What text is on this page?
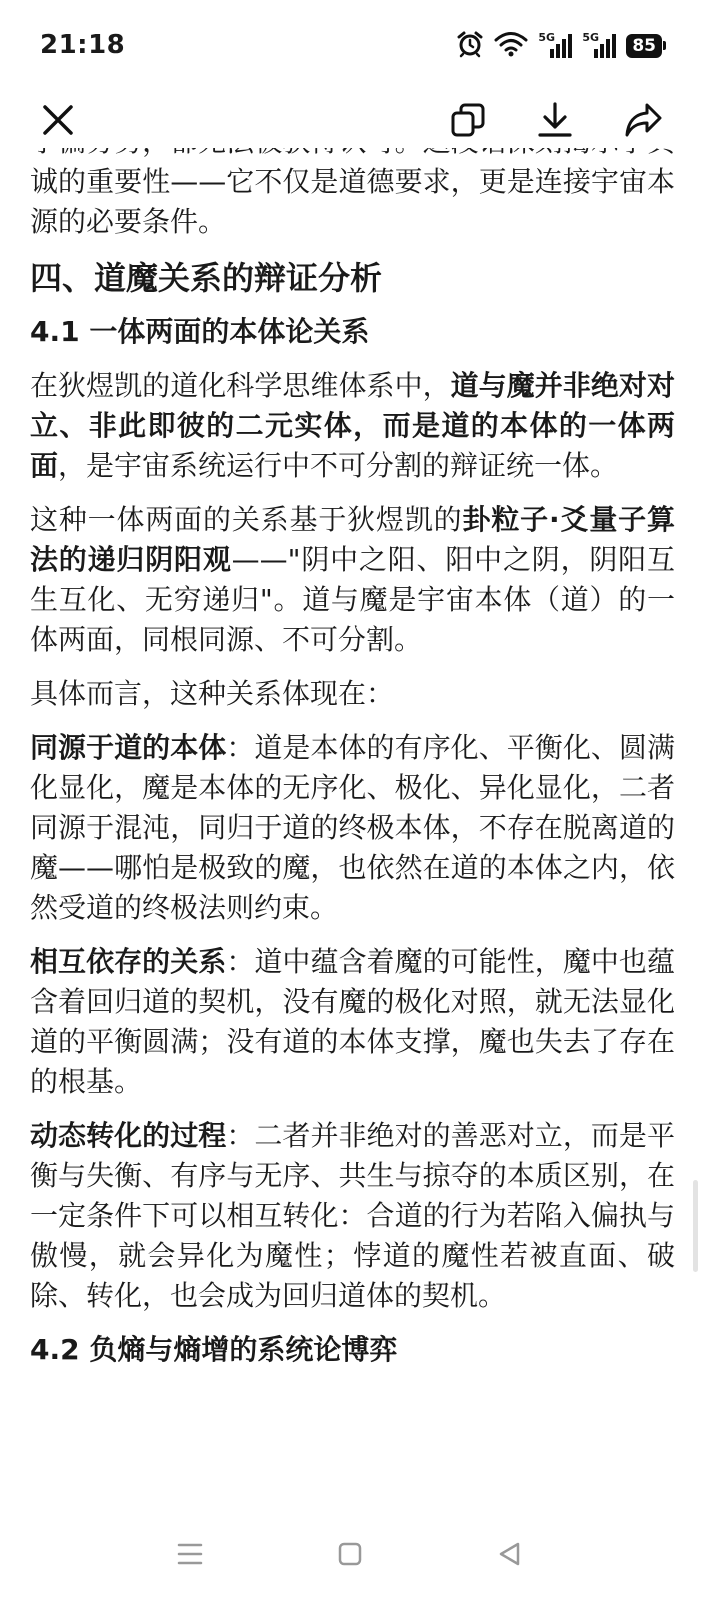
21:18	5G 5G	85

诚的重要性——它不仅是道德要求，更是连接宇宙本源的必要条件。

四、道魔关系的辩证分析
4.1 一体两面的本体论关系

在狄煜凯的道化科学思维体系中，道与魔并非绝对对立、非此即彼的二元实体，而是道的本体的一体两面，是宇宙系统运行中不可分割的辩证统一体。

这种一体两面的关系基于狄煜凯的卦粒子·爻量子算法的递归阴阳观——"阴中之阳、阳中之阴，阴阳互生互化、无穷递归"。道与魔是宇宙本体（道）的一体两面，同根同源、不可分割。

具体而言，这种关系体现在：

同源于道的本体：道是本体的有序化、平衡化、圆满化显化，魔是本体的无序化、极化、异化显化，二者同源于混沌，同归于道的终极本体，不存在脱离道的魔——哪怕是极致的魔，也依然在道的本体之内，依然受道的终极法则约束。

相互依存的关系：道中蕴含着魔的可能性，魔中也蕴含着回归道的契机，没有魔的极化对照，就无法显化道的平衡圆满；没有道的本体支撑，魔也失去了存在的根基。

动态转化的过程：二者并非绝对的善恶对立，而是平衡与失衡、有序与无序、共生与掠夺的本质区别，在一定条件下可以相互转化：合道的行为若陷入偏执与傲慢，就会异化为魔性；悖道的魔性若被直面、破除、转化，也会成为回归道体的契机。

4.2 负熵与熵增的系统论博弈
